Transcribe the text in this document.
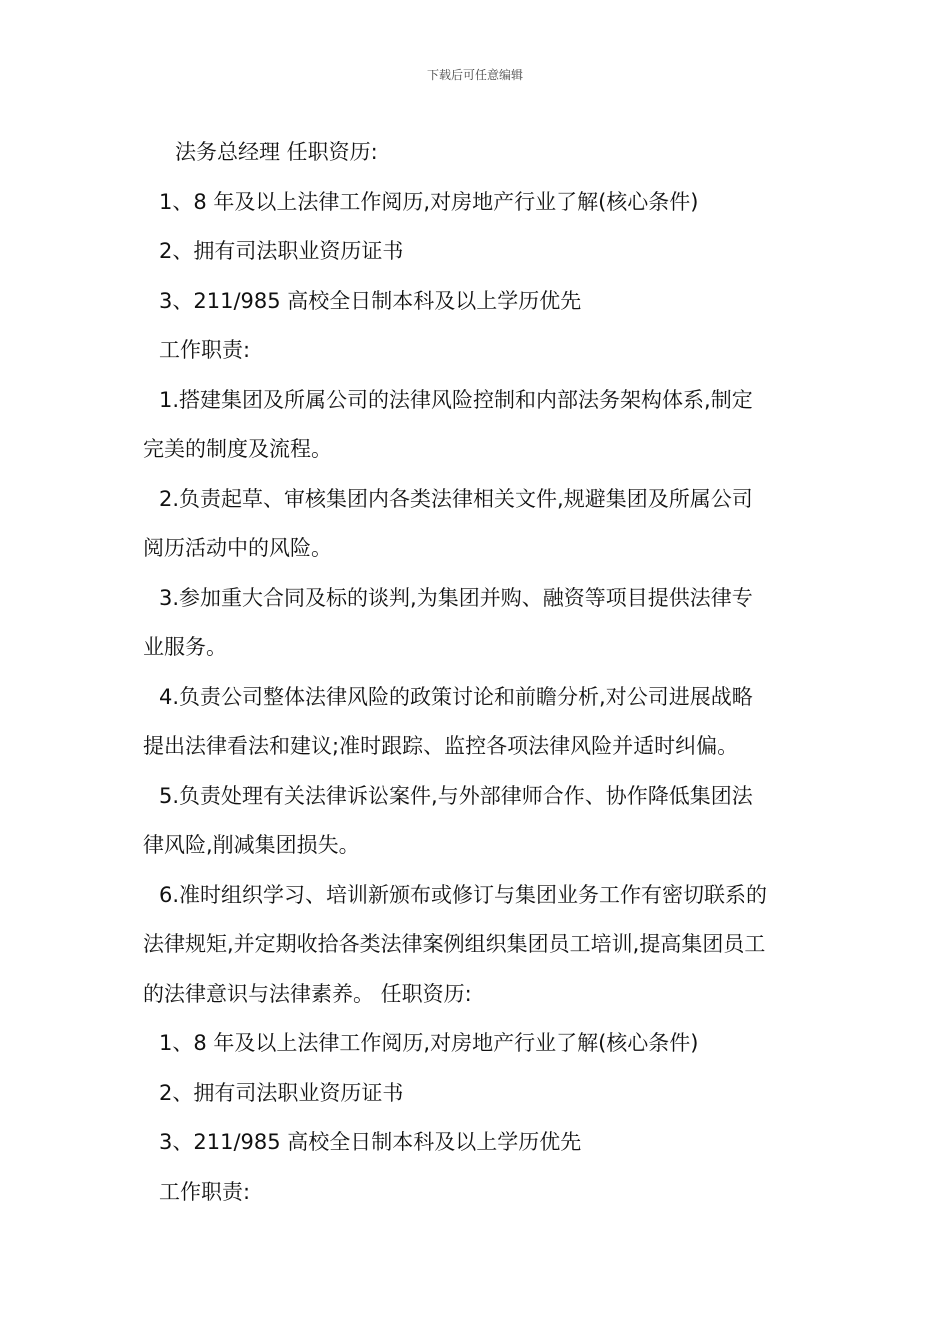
下载后可任意编辑
法务总经理 任职资历:
1、8 年及以上法律工作阅历,对房地产行业了解(核心条件)
2、拥有司法职业资历证书
3、211/985 高校全日制本科及以上学历优先
工作职责:
1.搭建集团及所属公司的法律风险控制和内部法务架构体系,制定
完美的制度及流程。
2.负责起草、审核集团内各类法律相关文件,规避集团及所属公司
阅历活动中的风险。
3.参加重大合同及标的谈判,为集团并购、融资等项目提供法律专
业服务。
4.负责公司整体法律风险的政策讨论和前瞻分析,对公司进展战略
提出法律看法和建议;准时跟踪、监控各项法律风险并适时纠偏。
5.负责处理有关法律诉讼案件,与外部律师合作、协作降低集团法
律风险,削减集团损失。
6.准时组织学习、培训新颁布或修订与集团业务工作有密切联系的
法律规矩,并定期收拾各类法律案例组织集团员工培训,提高集团员工
的法律意识与法律素养。 任职资历:
1、8 年及以上法律工作阅历,对房地产行业了解(核心条件)
2、拥有司法职业资历证书
3、211/985 高校全日制本科及以上学历优先
工作职责:
